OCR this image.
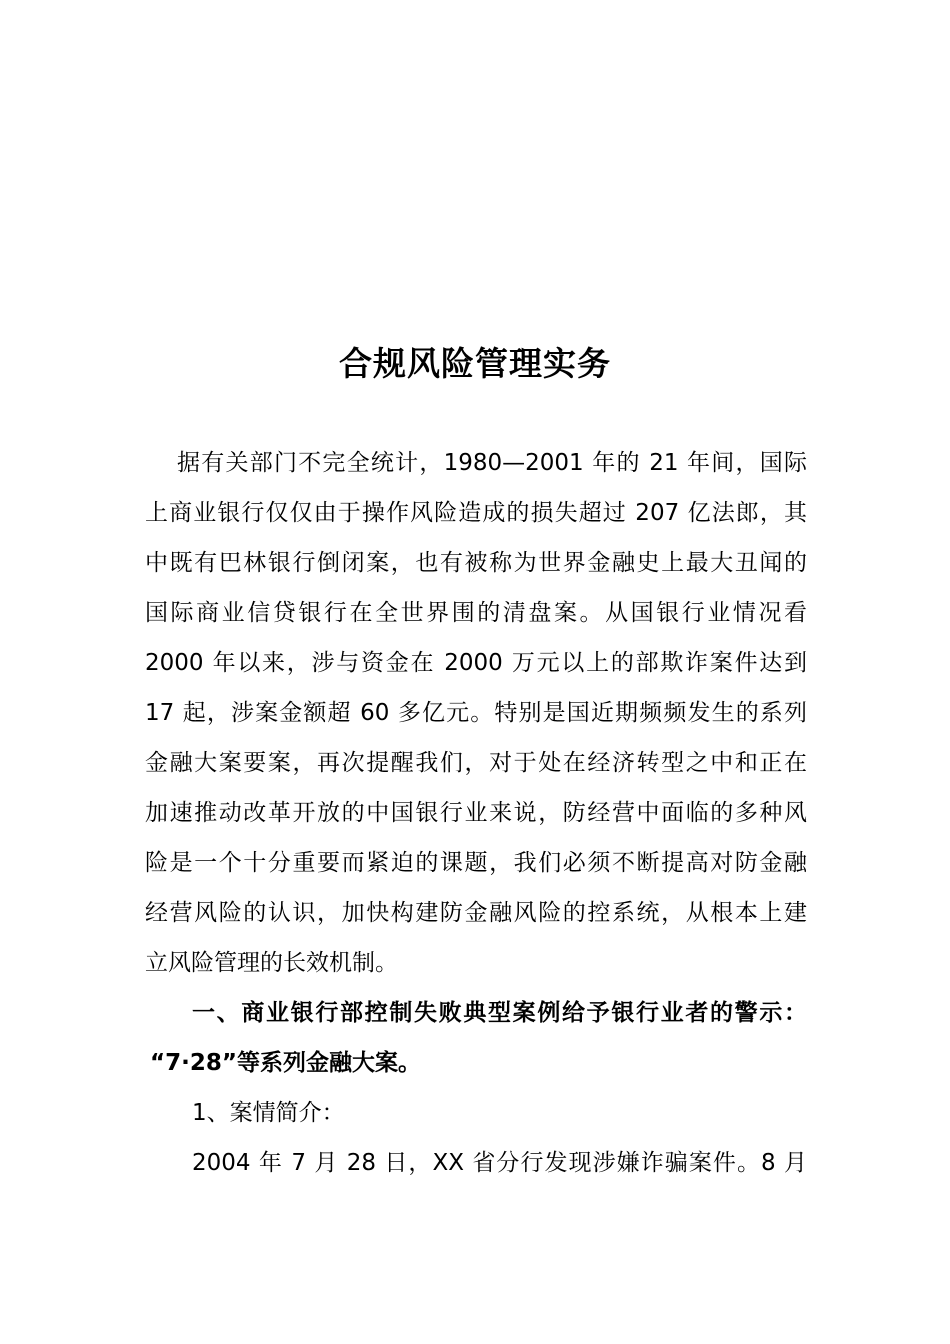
合规风险管理实务
据有关部门不完全统计，1980—2001 年的 21 年间，国际
上商业银行仅仅由于操作风险造成的损失超过 207 亿法郎，其
中既有巴林银行倒闭案，也有被称为世界金融史上最大丑闻的
国际商业信贷银行在全世界围的清盘案。从国银行业情况看
2000 年以来，涉与资金在 2000 万元以上的部欺诈案件达到
17 起，涉案金额超 60 多亿元。特别是国近期频频发生的系列
金融大案要案，再次提醒我们，对于处在经济转型之中和正在
加速推动改革开放的中国银行业来说，防经营中面临的多种风
险是一个十分重要而紧迫的课题，我们必须不断提高对防金融
经营风险的认识，加快构建防金融风险的控系统，从根本上建
立风险管理的长效机制。
一、商业银行部控制失败典型案例给予银行业者的警示：
“7·28”等系列金融大案。
1、案情简介：
2004 年 7 月 28 日，XX 省分行发现涉嫌诈骗案件。8 月
